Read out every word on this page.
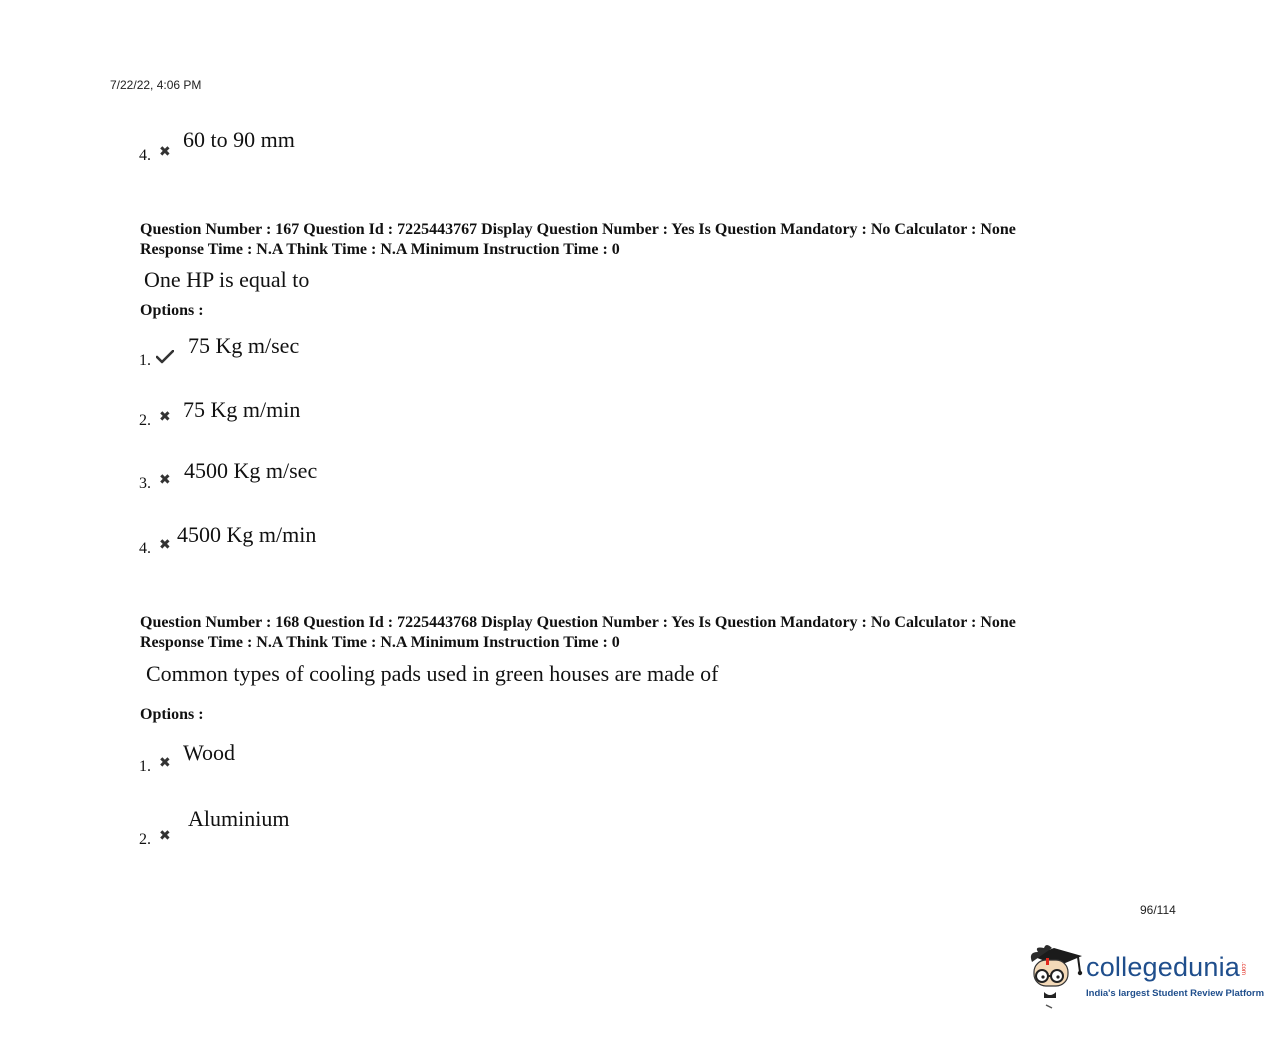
7/22/22, 4:06 PM
4. ✖
60 to 90 mm
Question Number : 167 Question Id : 7225443767 Display Question Number : Yes Is Question Mandatory : No Calculator : None
Response Time : N.A Think Time : N.A Minimum Instruction Time : 0
One HP is equal to
Options :
1.
75 Kg m/sec
2. ✖ 75 Kg m/min
3. ✖ 4500 Kg m/sec
4. ✖ 4500 Kg m/min
Question Number : 168 Question Id : 7225443768 Display Question Number : Yes Is Question Mandatory : No Calculator : None
Response Time : N.A Think Time : N.A Minimum Instruction Time : 0
Common types of cooling pads used in green houses are made of
Options :
1. ✖ Wood
2. ✖
Aluminium
96/114
collegedunia .com
India's largest Student Review Platform
